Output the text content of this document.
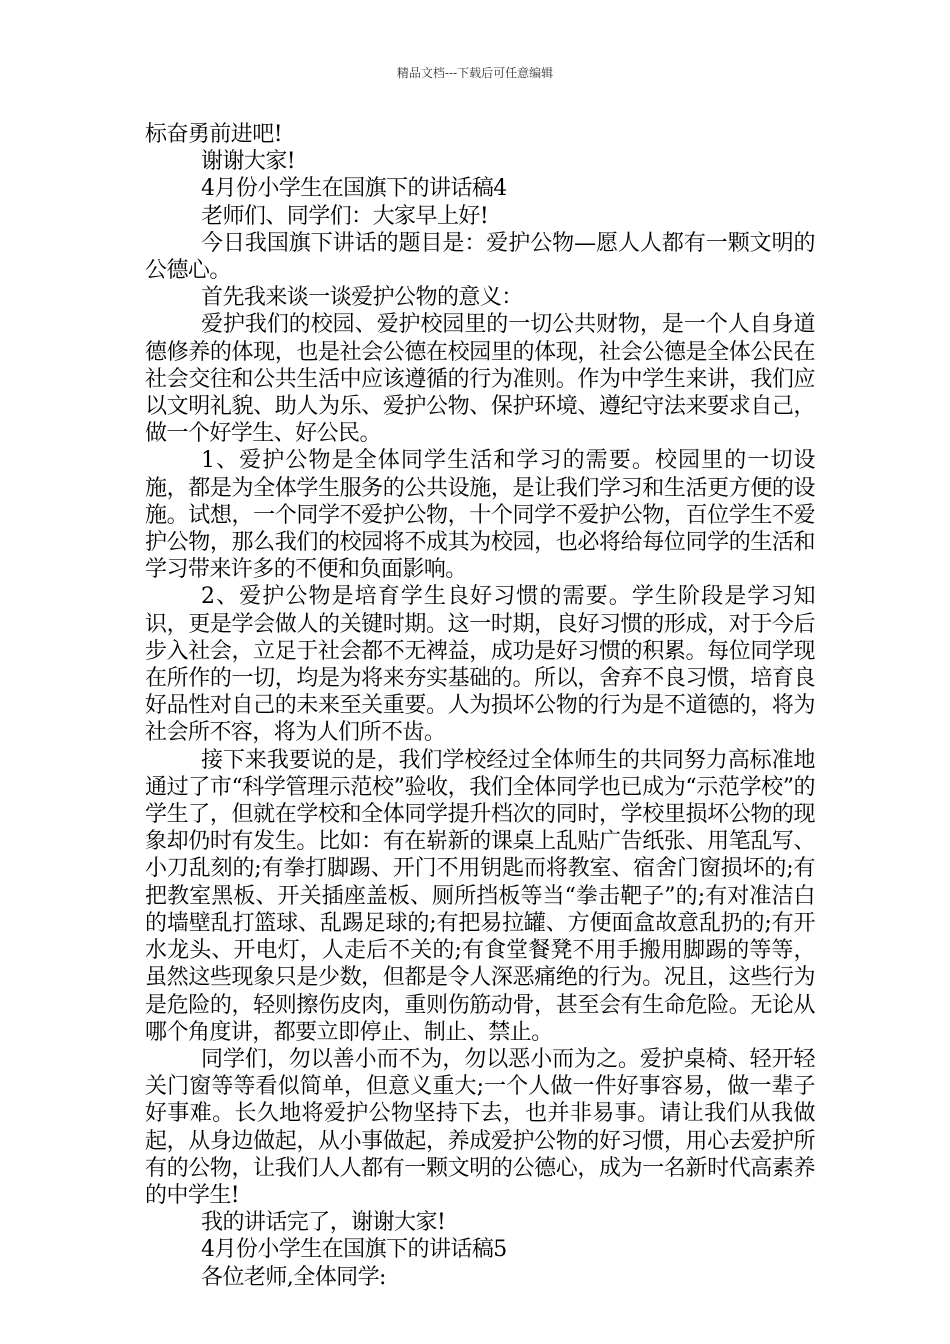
精品文档---下载后可任意编辑

标奋勇前进吧!

谢谢大家!

4月份小学生在国旗下的讲话稿4

老师们、同学们：大家早上好!

今日我国旗下讲话的题目是：爱护公物—愿人人都有一颗文明的公德心。

首先我来谈一谈爱护公物的意义：

爱护我们的校园、爱护校园里的一切公共财物，是一个人自身道德修养的体现，也是社会公德在校园里的体现，社会公德是全体公民在社会交往和公共生活中应该遵循的行为准则。作为中学生来讲，我们应以文明礼貌、助人为乐、爱护公物、保护环境、遵纪守法来要求自己，做一个好学生、好公民。

1、爱护公物是全体同学生活和学习的需要。校园里的一切设施，都是为全体学生服务的公共设施，是让我们学习和生活更方便的设施。试想，一个同学不爱护公物，十个同学不爱护公物，百位学生不爱护公物，那么我们的校园将不成其为校园，也必将给每位同学的生活和学习带来许多的不便和负面影响。

2、爱护公物是培育学生良好习惯的需要。学生阶段是学习知识，更是学会做人的关键时期。这一时期，良好习惯的形成，对于今后步入社会，立足于社会都不无裨益，成功是好习惯的积累。每位同学现在所作的一切，均是为将来夯实基础的。所以，舍弃不良习惯，培育良好品性对自己的未来至关重要。人为损坏公物的行为是不道德的，将为社会所不容，将为人们所不齿。

接下来我要说的是，我们学校经过全体师生的共同努力高标准地通过了市“科学管理示范校”验收，我们全体同学也已成为“示范学校”的学生了，但就在学校和全体同学提升档次的同时，学校里损坏公物的现象却仍时有发生。比如：有在崭新的课桌上乱贴广告纸张、用笔乱写、小刀乱刻的;有拳打脚踢、开门不用钥匙而将教室、宿舍门窗损坏的;有把教室黑板、开关插座盖板、厕所挡板等当“拳击靶子”的;有对准洁白的墙壁乱打篮球、乱踢足球的;有把易拉罐、方便面盒故意乱扔的;有开水龙头、开电灯，人走后不关的;有食堂餐凳不用手搬用脚踢的等等，虽然这些现象只是少数，但都是令人深恶痛绝的行为。况且，这些行为是危险的，轻则擦伤皮肉，重则伤筋动骨，甚至会有生命危险。无论从哪个角度讲，都要立即停止、制止、禁止。

同学们，勿以善小而不为，勿以恶小而为之。爱护桌椅、轻开轻关门窗等等看似简单，但意义重大;一个人做一件好事容易，做一辈子好事难。长久地将爱护公物坚持下去，也并非易事。请让我们从我做起，从身边做起，从小事做起，养成爱护公物的好习惯，用心去爱护所有的公物，让我们人人都有一颗文明的公德心，成为一名新时代高素养的中学生!

我的讲话完了，谢谢大家!

4月份小学生在国旗下的讲话稿5

各位老师,全体同学:
